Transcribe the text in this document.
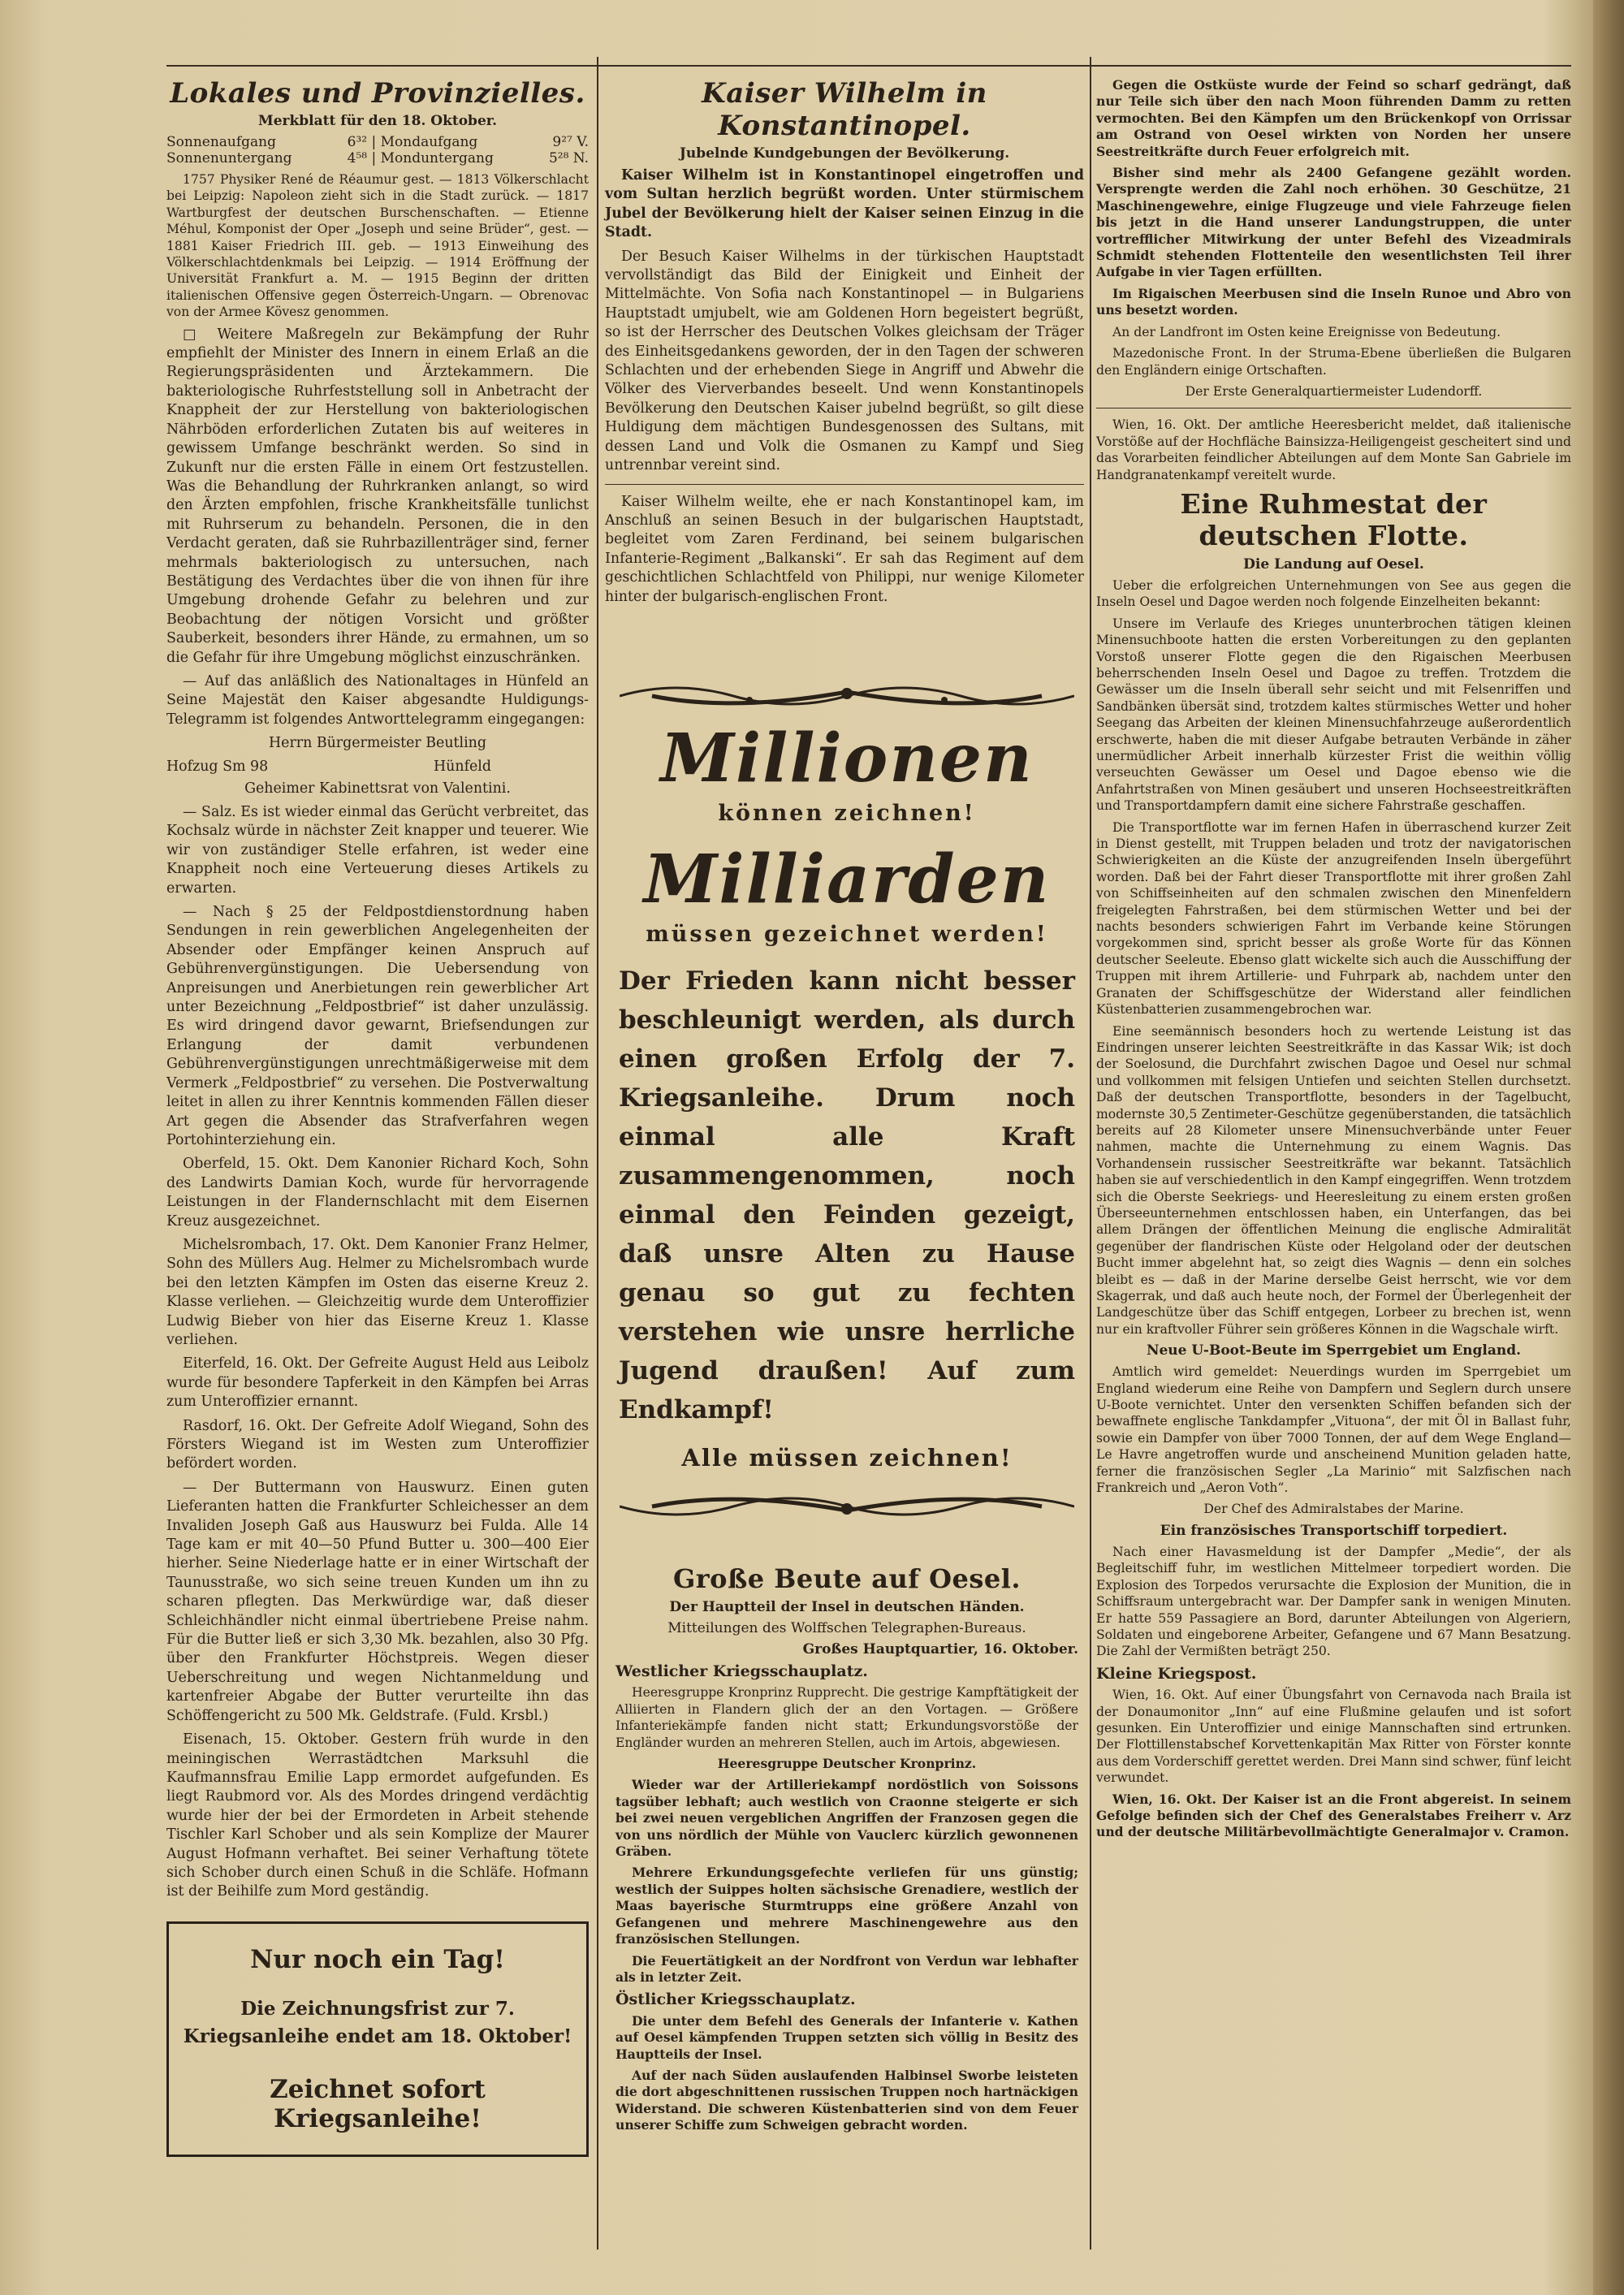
Lokales und Provinzielles.
Merkblatt für den 18. Oktober.
Sonnenaufgang
Sonnenuntergang
6³² | Mondaufgang
4⁵⁸ | Monduntergang
9²⁷ V.
5²⁸ N.

1757 Physiker René de Réaumur gest. — 1813 Völkerschlacht bei Leipzig: Napoleon zieht sich in die Stadt zurück. — 1817 Wartburgfest der deutschen Burschenschaften. — Etienne Méhul, Komponist der Oper „Joseph und seine Brüder“, gest. — 1881 Kaiser Friedrich III. geb. — 1913 Einweihung des Völkerschlachtdenkmals bei Leipzig. — 1914 Eröffnung der Universität Frankfurt a. M. — 1915 Beginn der dritten italienischen Offensive gegen Österreich-Ungarn. — Obrenovac von der Armee Kövesz genommen.

□ Weitere Maßregeln zur Bekämpfung der Ruhr empfiehlt der Minister des Innern in einem Erlaß an die Regierungspräsidenten und Ärztekammern. Die bakteriologische Ruhrfeststellung soll in Anbetracht der Knappheit der zur Herstellung von bakteriologischen Nährböden erforderlichen Zutaten bis auf weiteres in gewissem Umfange beschränkt werden. So sind in Zukunft nur die ersten Fälle in einem Ort festzustellen. Was die Behandlung der Ruhrkranken anlangt, so wird den Ärzten empfohlen, frische Krankheitsfälle tunlichst mit Ruhrserum zu behandeln. Personen, die in den Verdacht geraten, daß sie Ruhrbazillenträger sind, ferner mehrmals bakteriologisch zu untersuchen, nach Bestätigung des Verdachtes über die von ihnen für ihre Umgebung drohende Gefahr zu belehren und zur Beobachtung der nötigen Vorsicht und größter Sauberkeit, besonders ihrer Hände, zu ermahnen, um so die Gefahr für ihre Umgebung möglichst einzuschränken.

— Auf das anläßlich des Nationaltages in Hünfeld an Seine Majestät den Kaiser abgesandte Huldigungs-Telegramm ist folgendes Antworttelegramm eingegangen:

Herrn Bürgermeister Beutling

Hofzug Sm 98	Hünfeld

Geheimer Kabinettsrat von Valentini.

— Salz. Es ist wieder einmal das Gerücht verbreitet, das Kochsalz würde in nächster Zeit knapper und teuerer. Wie wir von zuständiger Stelle erfahren, ist weder eine Knappheit noch eine Verteuerung dieses Artikels zu erwarten.

— Nach § 25 der Feldpostdienstordnung haben Sendungen in rein gewerblichen Angelegenheiten der Absender oder Empfänger keinen Anspruch auf Gebührenvergünstigungen. Die Uebersendung von Anpreisungen und Anerbietungen rein gewerblicher Art unter Bezeichnung „Feldpostbrief“ ist daher unzulässig. Es wird dringend davor gewarnt, Briefsendungen zur Erlangung der damit verbundenen Gebührenvergünstigungen unrechtmäßigerweise mit dem Vermerk „Feldpostbrief“ zu versehen. Die Postverwaltung leitet in allen zu ihrer Kenntnis kommenden Fällen dieser Art gegen die Absender das Strafverfahren wegen Portohinterziehung ein.

Oberfeld, 15. Okt. Dem Kanonier Richard Koch, Sohn des Landwirts Damian Koch, wurde für hervorragende Leistungen in der Flandernschlacht mit dem Eisernen Kreuz ausgezeichnet.

Michelsrombach, 17. Okt. Dem Kanonier Franz Helmer, Sohn des Müllers Aug. Helmer zu Michelsrombach wurde bei den letzten Kämpfen im Osten das eiserne Kreuz 2. Klasse verliehen. — Gleichzeitig wurde dem Unteroffizier Ludwig Bieber von hier das Eiserne Kreuz 1. Klasse verliehen.

Eiterfeld, 16. Okt. Der Gefreite August Held aus Leibolz wurde für besondere Tapferkeit in den Kämpfen bei Arras zum Unteroffizier ernannt.

Rasdorf, 16. Okt. Der Gefreite Adolf Wiegand, Sohn des Försters Wiegand ist im Westen zum Unteroffizier befördert worden.

— Der Buttermann von Hauswurz. Einen guten Lieferanten hatten die Frankfurter Schleichesser an dem Invaliden Joseph Gaß aus Hauswurz bei Fulda. Alle 14 Tage kam er mit 40—50 Pfund Butter u. 300—400 Eier hierher. Seine Niederlage hatte er in einer Wirtschaft der Taunusstraße, wo sich seine treuen Kunden um ihn zu scharen pflegten. Das Merkwürdige war, daß dieser Schleichhändler nicht einmal übertriebene Preise nahm. Für die Butter ließ er sich 3,30 Mk. bezahlen, also 30 Pfg. über den Frankfurter Höchstpreis. Wegen dieser Ueberschreitung und wegen Nichtanmeldung und kartenfreier Abgabe der Butter verurteilte ihn das Schöffengericht zu 500 Mk. Geldstrafe. (Fuld. Krsbl.)

Eisenach, 15. Oktober. Gestern früh wurde in den meiningischen Werrastädtchen Marksuhl die Kaufmannsfrau Emilie Lapp ermordet aufgefunden. Es liegt Raubmord vor. Als des Mordes dringend verdächtig wurde hier der bei der Ermordeten in Arbeit stehende Tischler Karl Schober und als sein Komplize der Maurer August Hofmann verhaftet. Bei seiner Verhaftung tötete sich Schober durch einen Schuß in die Schläfe. Hofmann ist der Beihilfe zum Mord geständig.

Nur noch ein Tag!
Die Zeichnungsfrist zur 7. Kriegsanleihe endet am 18. Oktober!
Zeichnet sofort Kriegsanleihe!
Kaiser Wilhelm in Konstantinopel.
Jubelnde Kundgebungen der Bevölkerung.

Kaiser Wilhelm ist in Konstantinopel eingetroffen und vom Sultan herzlich begrüßt worden. Unter stürmischem Jubel der Bevölkerung hielt der Kaiser seinen Einzug in die Stadt.

Der Besuch Kaiser Wilhelms in der türkischen Hauptstadt vervollständigt das Bild der Einigkeit und Einheit der Mittelmächte. Von Sofia nach Konstantinopel — in Bulgariens Hauptstadt umjubelt, wie am Goldenen Horn begeistert begrüßt, so ist der Herrscher des Deutschen Volkes gleichsam der Träger des Einheitsgedankens geworden, der in den Tagen der schweren Schlachten und der erhebenden Siege in Angriff und Abwehr die Völker des Vierverbandes beseelt. Und wenn Konstantinopels Bevölkerung den Deutschen Kaiser jubelnd begrüßt, so gilt diese Huldigung dem mächtigen Bundesgenossen des Sultans, mit dessen Land und Volk die Osmanen zu Kampf und Sieg untrennbar vereint sind.

Kaiser Wilhelm weilte, ehe er nach Konstantinopel kam, im Anschluß an seinen Besuch in der bulgarischen Hauptstadt, begleitet vom Zaren Ferdinand, bei seinem bulgarischen Infanterie-Regiment „Balkanski“. Er sah das Regiment auf dem geschichtlichen Schlachtfeld von Philippi, nur wenige Kilometer hinter der bulgarisch-englischen Front.

Millionen
können zeichnen!
Milliarden
müssen gezeichnet werden!
Der Frieden kann nicht besser beschleunigt werden, als durch einen großen Erfolg der 7. Kriegsanleihe. Drum noch einmal alle Kraft zusammengenommen, noch einmal den Feinden gezeigt, daß unsre Alten zu Hause genau so gut zu fechten verstehen wie unsre herrliche Jugend draußen! Auf zum Endkampf!
Alle müssen zeichnen!
Große Beute auf Oesel.
Der Hauptteil der Insel in deutschen Händen.
Mitteilungen des Wolffschen Telegraphen-Bureaus.
Großes Hauptquartier, 16. Oktober.

Westlicher Kriegsschauplatz.

Heeresgruppe Kronprinz Rupprecht. Die gestrige Kampftätigkeit der Alliierten in Flandern glich der an den Vortagen. — Größere Infanteriekämpfe fanden nicht statt; Erkundungsvorstöße der Engländer wurden an mehreren Stellen, auch im Artois, abgewiesen.

Heeresgruppe Deutscher Kronprinz.

Wieder war der Artilleriekampf nordöstlich von Soissons tagsüber lebhaft; auch westlich von Craonne steigerte er sich bei zwei neuen vergeblichen Angriffen der Franzosen gegen die von uns nördlich der Mühle von Vauclerc kürzlich gewonnenen Gräben.

Mehrere Erkundungsgefechte verliefen für uns günstig; westlich der Suippes holten sächsische Grenadiere, westlich der Maas bayerische Sturmtrupps eine größere Anzahl von Gefangenen und mehrere Maschinengewehre aus den französischen Stellungen.

Die Feuertätigkeit an der Nordfront von Verdun war lebhafter als in letzter Zeit.

Östlicher Kriegsschauplatz.

Die unter dem Befehl des Generals der Infanterie v. Kathen auf Oesel kämpfenden Truppen setzten sich völlig in Besitz des Hauptteils der Insel.

Auf der nach Süden auslaufenden Halbinsel Sworbe leisteten die dort abgeschnittenen russischen Truppen noch hartnäckigen Widerstand. Die schweren Küstenbatterien sind von dem Feuer unserer Schiffe zum Schweigen gebracht worden.

Gegen die Ostküste wurde der Feind so scharf gedrängt, daß nur Teile sich über den nach Moon führenden Damm zu retten vermochten. Bei den Kämpfen um den Brückenkopf von Orrissar am Ostrand von Oesel wirkten von Norden her unsere Seestreitkräfte durch Feuer erfolgreich mit.

Bisher sind mehr als 2400 Gefangene gezählt worden. Versprengte werden die Zahl noch erhöhen. 30 Geschütze, 21 Maschinengewehre, einige Flugzeuge und viele Fahrzeuge fielen bis jetzt in die Hand unserer Landungstruppen, die unter vortrefflicher Mitwirkung der unter Befehl des Vizeadmirals Schmidt stehenden Flottenteile den wesentlichsten Teil ihrer Aufgabe in vier Tagen erfüllten.

Im Rigaischen Meerbusen sind die Inseln Runoe und Abro von uns besetzt worden.

An der Landfront im Osten keine Ereignisse von Bedeutung.

Mazedonische Front. In der Struma-Ebene überließen die Bulgaren den Engländern einige Ortschaften.

Der Erste Generalquartiermeister Ludendorff.

Wien, 16. Okt. Der amtliche Heeresbericht meldet, daß italienische Vorstöße auf der Hochfläche Bainsizza-Heiligengeist gescheitert sind und das Vorarbeiten feindlicher Abteilungen auf dem Monte San Gabriele im Handgranatenkampf vereitelt wurde.

Eine Ruhmestat der deutschen Flotte.
Die Landung auf Oesel.

Ueber die erfolgreichen Unternehmungen von See aus gegen die Inseln Oesel und Dagoe werden noch folgende Einzelheiten bekannt:

Unsere im Verlaufe des Krieges ununterbrochen tätigen kleinen Minensuchboote hatten die ersten Vorbereitungen zu den geplanten Vorstoß unserer Flotte gegen die den Rigaischen Meerbusen beherrschenden Inseln Oesel und Dagoe zu treffen. Trotzdem die Gewässer um die Inseln überall sehr seicht und mit Felsenriffen und Sandbänken übersät sind, trotzdem kaltes stürmisches Wetter und hoher Seegang das Arbeiten der kleinen Minensuchfahrzeuge außerordentlich erschwerte, haben die mit dieser Aufgabe betrauten Verbände in zäher unermüdlicher Arbeit innerhalb kürzester Frist die weithin völlig verseuchten Gewässer um Oesel und Dagoe ebenso wie die Anfahrtstraßen von Minen gesäubert und unseren Hochseestreitkräften und Transportdampfern damit eine sichere Fahrstraße geschaffen.

Die Transportflotte war im fernen Hafen in überraschend kurzer Zeit in Dienst gestellt, mit Truppen beladen und trotz der navigatorischen Schwierigkeiten an die Küste der anzugreifenden Inseln übergeführt worden. Daß bei der Fahrt dieser Transportflotte mit ihrer großen Zahl von Schiffseinheiten auf den schmalen zwischen den Minenfeldern freigelegten Fahrstraßen, bei dem stürmischen Wetter und bei der nachts besonders schwierigen Fahrt im Verbande keine Störungen vorgekommen sind, spricht besser als große Worte für das Können deutscher Seeleute. Ebenso glatt wickelte sich auch die Ausschiffung der Truppen mit ihrem Artillerie- und Fuhrpark ab, nachdem unter den Granaten der Schiffsgeschütze der Widerstand aller feindlichen Küstenbatterien zusammengebrochen war.

Eine seemännisch besonders hoch zu wertende Leistung ist das Eindringen unserer leichten Seestreitkräfte in das Kassar Wik; ist doch der Soelosund, die Durchfahrt zwischen Dagoe und Oesel nur schmal und vollkommen mit felsigen Untiefen und seichten Stellen durchsetzt. Daß der deutschen Transportflotte, besonders in der Tagelbucht, modernste 30,5 Zentimeter-Geschütze gegenüberstanden, die tatsächlich bereits auf 28 Kilometer unsere Minensuchverbände unter Feuer nahmen, machte die Unternehmung zu einem Wagnis. Das Vorhandensein russischer Seestreitkräfte war bekannt. Tatsächlich haben sie auf verschiedentlich in den Kampf eingegriffen. Wenn trotzdem sich die Oberste Seekriegs- und Heeresleitung zu einem ersten großen Überseeunternehmen entschlossen haben, ein Unterfangen, das bei allem Drängen der öffentlichen Meinung die englische Admiralität gegenüber der flandrischen Küste oder Helgoland oder der deutschen Bucht immer abgelehnt hat, so zeigt dies Wagnis — denn ein solches bleibt es — daß in der Marine derselbe Geist herrscht, wie vor dem Skagerrak, und daß auch heute noch, der Formel der Überlegenheit der Landgeschütze über das Schiff entgegen, Lorbeer zu brechen ist, wenn nur ein kraftvoller Führer sein größeres Können in die Wagschale wirft.

Neue U-Boot-Beute im Sperrgebiet um England.

Amtlich wird gemeldet: Neuerdings wurden im Sperrgebiet um England wiederum eine Reihe von Dampfern und Seglern durch unsere U-Boote vernichtet. Unter den versenkten Schiffen befanden sich der bewaffnete englische Tankdampfer „Vituona“, der mit Öl in Ballast fuhr, sowie ein Dampfer von über 7000 Tonnen, der auf dem Wege England—Le Havre angetroffen wurde und anscheinend Munition geladen hatte, ferner die französischen Segler „La Marinio“ mit Salzfischen nach Frankreich und „Aeron Voth“.

Der Chef des Admiralstabes der Marine.

Ein französisches Transportschiff torpediert.

Nach einer Havasmeldung ist der Dampfer „Medie“, der als Begleitschiff fuhr, im westlichen Mittelmeer torpediert worden. Die Explosion des Torpedos verursachte die Explosion der Munition, die in Schiffsraum untergebracht war. Der Dampfer sank in wenigen Minuten. Er hatte 559 Passagiere an Bord, darunter Abteilungen von Algeriern, Soldaten und eingeborene Arbeiter, Gefangene und 67 Mann Besatzung. Die Zahl der Vermißten beträgt 250.

Kleine Kriegspost.

Wien, 16. Okt. Auf einer Übungsfahrt von Cernavoda nach Braila ist der Donaumonitor „Inn“ auf eine Flußmine gelaufen und ist sofort gesunken. Ein Unteroffizier und einige Mannschaften sind ertrunken. Der Flottillenstabschef Korvettenkapitän Max Ritter von Förster konnte aus dem Vorderschiff gerettet werden. Drei Mann sind schwer, fünf leicht verwundet.

Wien, 16. Okt. Der Kaiser ist an die Front abgereist. In seinem Gefolge befinden sich der Chef des Generalstabes Freiherr v. Arz und der deutsche Militärbevollmächtigte Generalmajor v. Cramon.
